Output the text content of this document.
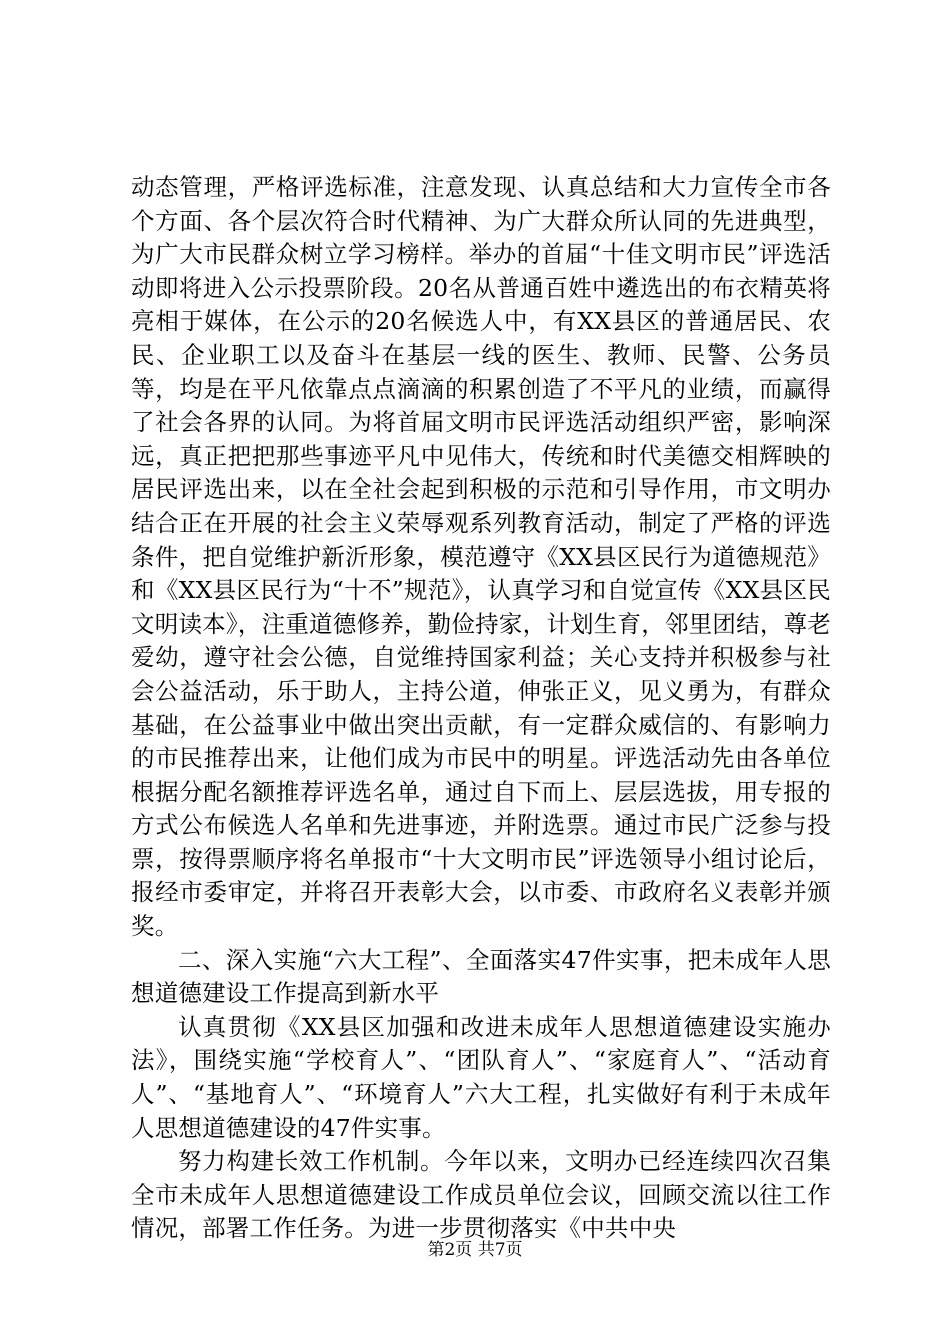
动态管理，严格评选标准，注意发现、认真总结和大力宣传全市各个方面、各个层次符合时代精神、为广大群众所认同的先进典型，为广大市民群众树立学习榜样。举办的首届“十佳文明市民”评选活动即将进入公示投票阶段。20名从普通百姓中遴选出的布衣精英将亮相于媒体，在公示的20名候选人中，有XX县区的普通居民、农民、企业职工以及奋斗在基层一线的医生、教师、民警、公务员等，均是在平凡依靠点点滴滴的积累创造了不平凡的业绩，而赢得了社会各界的认同。为将首届文明市民评选活动组织严密，影响深远，真正把把那些事迹平凡中见伟大，传统和时代美德交相辉映的居民评选出来，以在全社会起到积极的示范和引导作用，市文明办结合正在开展的社会主义荣辱观系列教育活动，制定了严格的评选条件，把自觉维护新沂形象，模范遵守《XX县区民行为道德规范》和《XX县区民行为“十不”规范》，认真学习和自觉宣传《XX县区民文明读本》，注重道德修养，勤俭持家，计划生育，邻里团结，尊老爱幼，遵守社会公德，自觉维持国家利益；关心支持并积极参与社会公益活动，乐于助人，主持公道，伸张正义，见义勇为，有群众基础，在公益事业中做出突出贡献，有一定群众威信的、有影响力的市民推荐出来，让他们成为市民中的明星。评选活动先由各单位根据分配名额推荐评选名单，通过自下而上、层层选拔，用专报的方式公布候选人名单和先进事迹，并附选票。通过市民广泛参与投票，按得票顺序将名单报市“十大文明市民”评选领导小组讨论后，报经市委审定，并将召开表彰大会，以市委、市政府名义表彰并颁奖。

二、深入实施“六大工程”、全面落实47件实事，把未成年人思想道德建设工作提高到新水平

认真贯彻《XX县区加强和改进未成年人思想道德建设实施办法》，围绕实施“学校育人”、“团队育人”、“家庭育人”、“活动育人”、“基地育人”、“环境育人”六大工程，扎实做好有利于未成年人思想道德建设的47件实事。

努力构建长效工作机制。今年以来，文明办已经连续四次召集全市未成年人思想道德建设工作成员单位会议，回顾交流以往工作情况，部署工作任务。为进一步贯彻落实《中共中央

第2页 共7页
